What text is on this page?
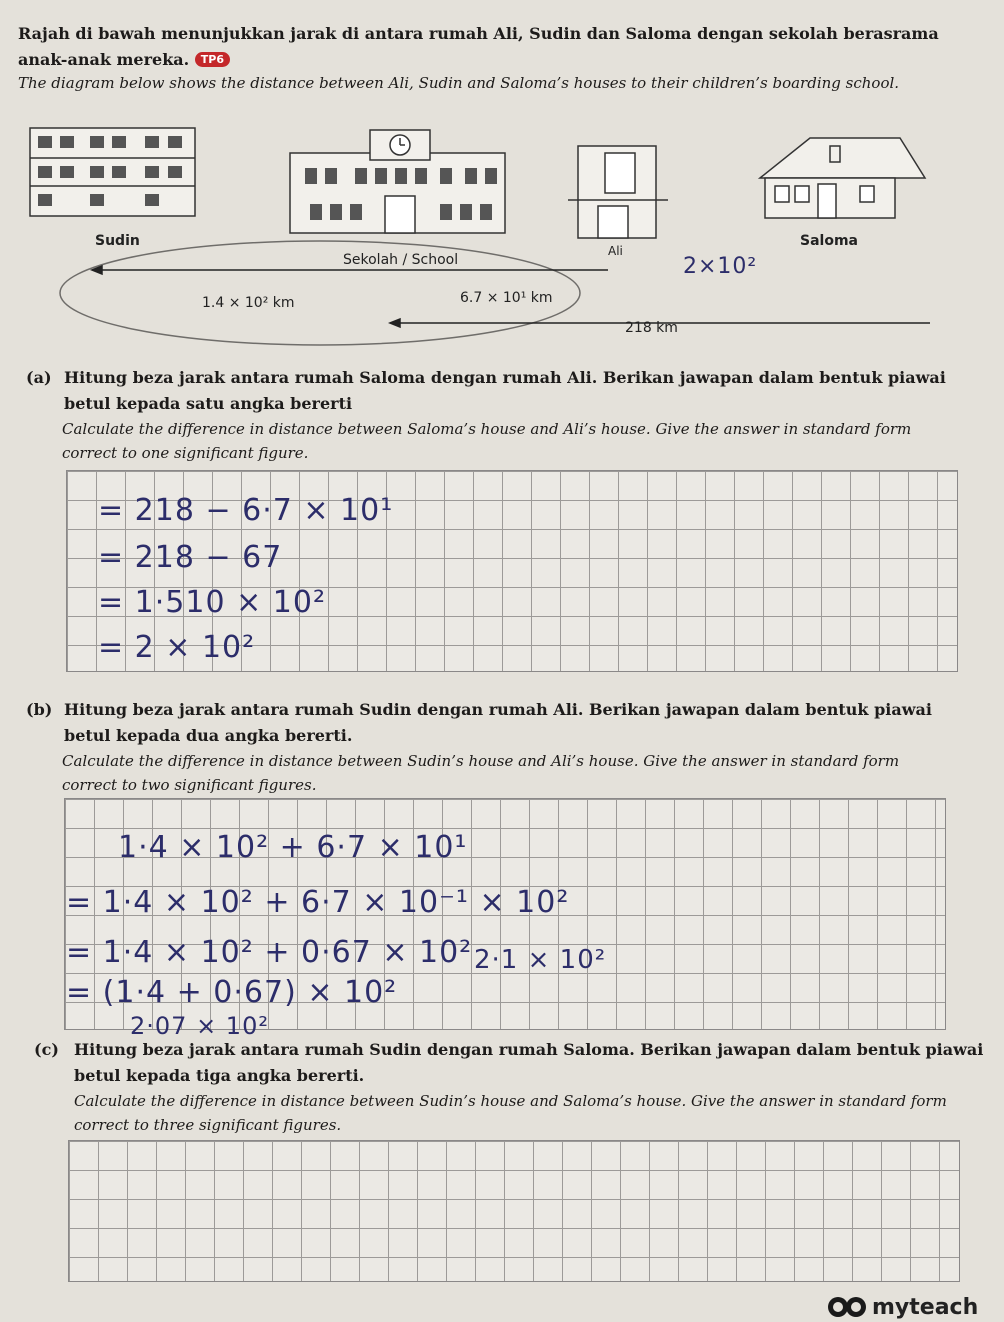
Rajah di bawah menunjukkan jarak di antara rumah Ali, Sudin dan Saloma dengan sekolah berasrama
anak-anak mereka. TP6
The diagram below shows the distance between Ali, Sudin and Saloma’s houses to their children’s boarding school.
Sudin
Sekolah / School
Ali
Saloma
1.4 × 10² km	6.7 × 10¹ km
218 km
2×10²
(a) Hitung beza jarak antara rumah Saloma dengan rumah Ali. Berikan jawapan dalam bentuk piawai
betul kepada satu angka bererti
Calculate the difference in distance between Saloma’s house and Ali’s house. Give the answer in standard form
correct to one significant figure.
= 218 − 6·7 × 10¹
= 218 − 67
= 1·510 × 10²
= 2 × 10²
(b) Hitung beza jarak antara rumah Sudin dengan rumah Ali. Berikan jawapan dalam bentuk piawai
betul kepada dua angka bererti.
Calculate the difference in distance between Sudin’s house and Ali’s house. Give the answer in standard form
correct to two significant figures.
1·4 × 10² + 6·7 × 10¹
= 1·4 × 10² + 6·7 × 10⁻¹ × 10²
= 1·4 × 10² + 0·67 × 10²
= (1·4 + 0·67) × 10²
2·07 × 10²
2·1 × 10²
(c) Hitung beza jarak antara rumah Sudin dengan rumah Saloma. Berikan jawapan dalam bentuk piawai
betul kepada tiga angka bererti.
Calculate the difference in distance between Sudin’s house and Saloma’s house. Give the answer in standard form
correct to three significant figures.
myteach
